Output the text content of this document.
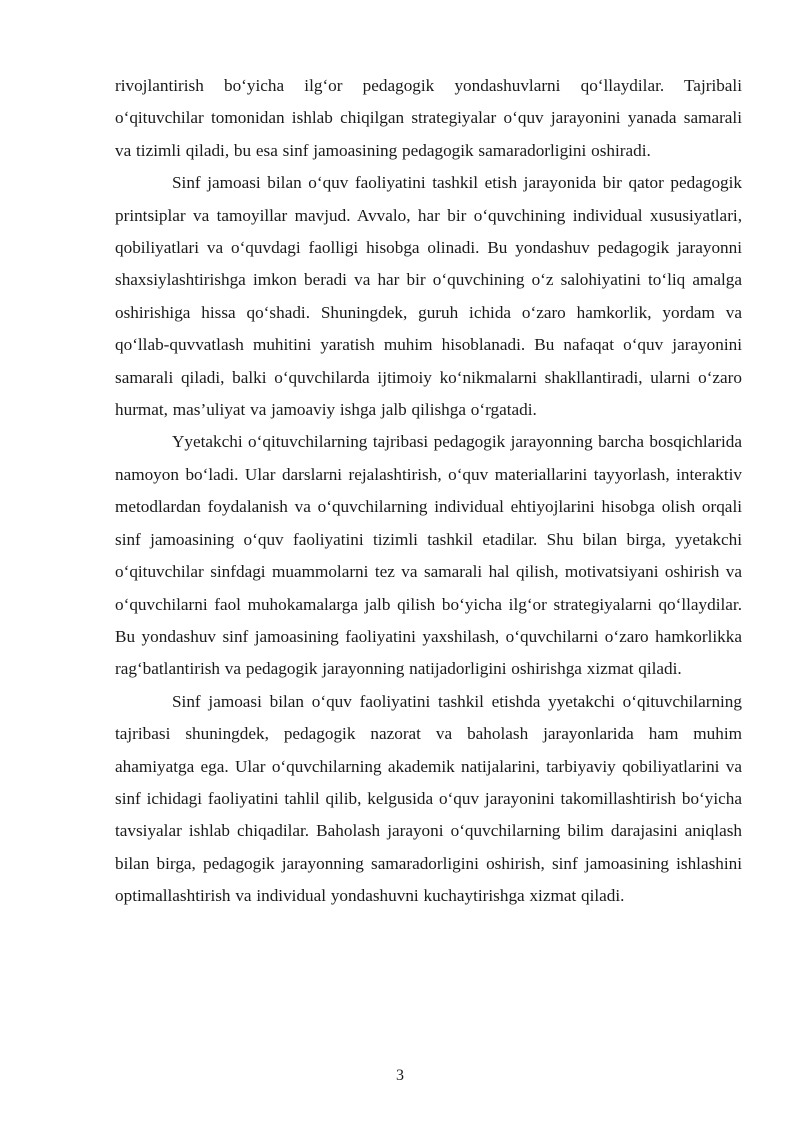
rivojlantirish bo‘yicha ilg‘or pedagogik yondashuvlarni qo‘llaydilar. Tajribali o‘qituvchilar tomonidan ishlab chiqilgan strategiyalar o‘quv jarayonini yanada samarali va tizimli qiladi, bu esa sinf jamoasining pedagogik samaradorligini oshiradi.

Sinf jamoasi bilan o‘quv faoliyatini tashkil etish jarayonida bir qator pedagogik printsiplar va tamoyillar mavjud. Avvalo, har bir o‘quvchining individual xususiyatlari, qobiliyatlari va o‘quvdagi faolligi hisobga olinadi. Bu yondashuv pedagogik jarayonni shaxsiylashtirishga imkon beradi va har bir o‘quvchining o‘z salohiyatini to‘liq amalga oshirishiga hissa qo‘shadi. Shuningdek, guruh ichida o‘zaro hamkorlik, yordam va qo‘llab-quvvatlash muhitini yaratish muhim hisoblanadi. Bu nafaqat o‘quv jarayonini samarali qiladi, balki o‘quvchilarda ijtimoiy ko‘nikmalarni shakllantiradi, ularni o‘zaro hurmat, mas’uliyat va jamoaviy ishga jalb qilishga o‘rgatadi.

Yyetakchi o‘qituvchilarning tajribasi pedagogik jarayonning barcha bosqichlarida namoyon bo‘ladi. Ular darslarni rejalashtirish, o‘quv materiallarini tayyorlash, interaktiv metodlardan foydalanish va o‘quvchilarning individual ehtiyojlarini hisobga olish orqali sinf jamoasining o‘quv faoliyatini tizimli tashkil etadilar. Shu bilan birga, yyetakchi o‘qituvchilar sinfdagi muammolarni tez va samarali hal qilish, motivatsiyani oshirish va o‘quvchilarni faol muhokamalarga jalb qilish bo‘yicha ilg‘or strategiyalarni qo‘llaydilar. Bu yondashuv sinf jamoasining faoliyatini yaxshilash, o‘quvchilarni o‘zaro hamkorlikka rag‘batlantirish va pedagogik jarayonning natijadorligini oshirishga xizmat qiladi.

Sinf jamoasi bilan o‘quv faoliyatini tashkil etishda yyetakchi o‘qituvchilarning tajribasi shuningdek, pedagogik nazorat va baholash jarayonlarida ham muhim ahamiyatga ega. Ular o‘quvchilarning akademik natijalarini, tarbiyaviy qobiliyatlarini va sinf ichidagi faoliyatini tahlil qilib, kelgusida o‘quv jarayonini takomillashtirish bo‘yicha tavsiyalar ishlab chiqadilar. Baholash jarayoni o‘quvchilarning bilim darajasini aniqlash bilan birga, pedagogik jarayonning samaradorligini oshirish, sinf jamoasining ishlashini optimallashtirish va individual yondashuvni kuchaytirishga xizmat qiladi.

3
